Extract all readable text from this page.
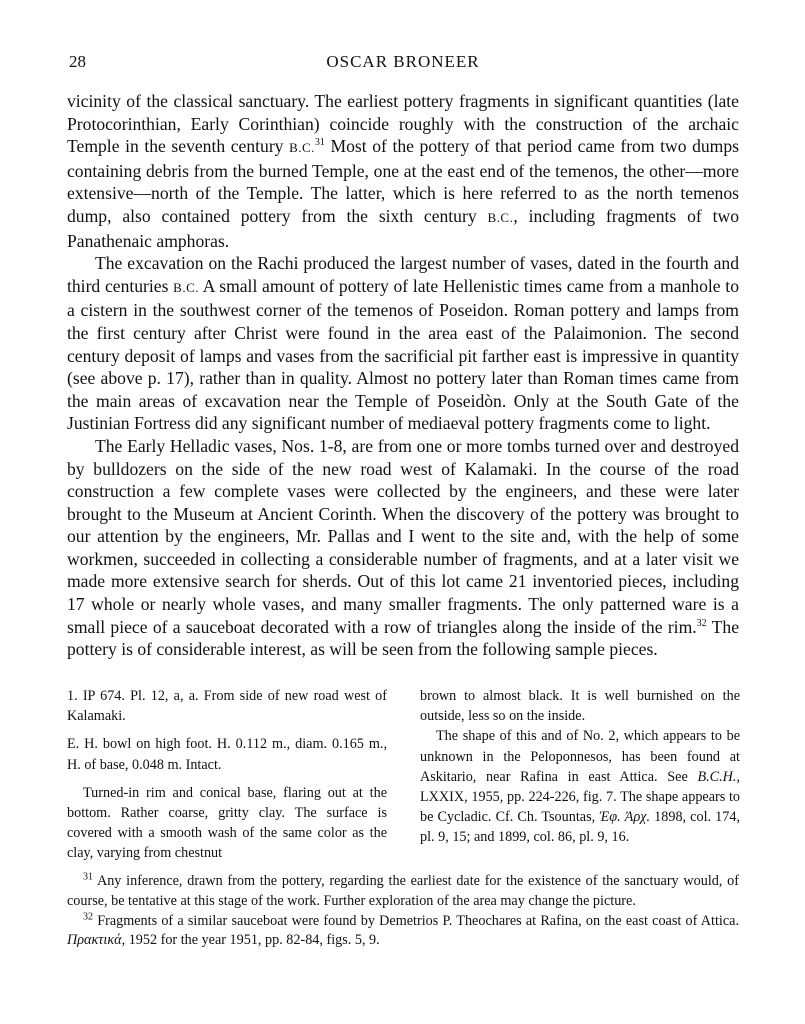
28	OSCAR BRONEER

vicinity of the classical sanctuary. The earliest pottery fragments in significant quantities (late Protocorinthian, Early Corinthian) coincide roughly with the construction of the archaic Temple in the seventh century B.C.$^{31}$ Most of the pottery of that period came from two dumps containing debris from the burned Temple, one at the east end of the temenos, the other—more extensive—north of the Temple. The latter, which is here referred to as the north temenos dump, also contained pottery from the sixth century B.C., including fragments of two Panathenaic amphoras.

The excavation on the Rachi produced the largest number of vases, dated in the fourth and third centuries B.C. A small amount of pottery of late Hellenistic times came from a manhole to a cistern in the southwest corner of the temenos of Poseidon. Roman pottery and lamps from the first century after Christ were found in the area east of the Palaimonion. The second century deposit of lamps and vases from the sacrificial pit farther east is impressive in quantity (see above p. 17), rather than in quality. Almost no pottery later than Roman times came from the main areas of excavation near the Temple of Poseidòn. Only at the South Gate of the Justinian Fortress did any significant number of mediaeval pottery fragments come to light.

The Early Helladic vases, Nos. 1-8, are from one or more tombs turned over and destroyed by bulldozers on the side of the new road west of Kalamaki. In the course of the road construction a few complete vases were collected by the engineers, and these were later brought to the Museum at Ancient Corinth. When the discovery of the pottery was brought to our attention by the engineers, Mr. Pallas and I went to the site and, with the help of some workmen, succeeded in collecting a considerable number of fragments, and at a later visit we made more extensive search for sherds. Out of this lot came 21 inventoried pieces, including 17 whole or nearly whole vases, and many smaller fragments. The only patterned ware is a small piece of a sauceboat decorated with a row of triangles along the inside of the rim.$^{32}$ The pottery is of considerable interest, as will be seen from the following sample pieces.

1. IP 674. Pl. 12, a, a. From side of new road west of Kalamaki.

E. H. bowl on high foot. H. 0.112 m., diam. 0.165 m., H. of base, 0.048 m. Intact.

Turned-in rim and conical base, flaring out at the bottom. Rather coarse, gritty clay. The surface is covered with a smooth wash of the same color as the clay, varying from chestnut

brown to almost black. It is well burnished on the outside, less so on the inside.

The shape of this and of No. 2, which appears to be unknown in the Peloponnesos, has been found at Askitario, near Rafina in east Attica. See B.C.H., LXXIX, 1955, pp. 224-226, fig. 7. The shape appears to be Cycladic. Cf. Ch. Tsountas, Ἐφ. Ἀρχ. 1898, col. 174, pl. 9, 15; and 1899, col. 86, pl. 9, 16.

$^{31}$ Any inference, drawn from the pottery, regarding the earliest date for the existence of the sanctuary would, of course, be tentative at this stage of the work. Further exploration of the area may change the picture.

$^{32}$ Fragments of a similar sauceboat were found by Demetrios P. Theochares at Rafina, on the east coast of Attica. Πρακτικά, 1952 for the year 1951, pp. 82-84, figs. 5, 9.
